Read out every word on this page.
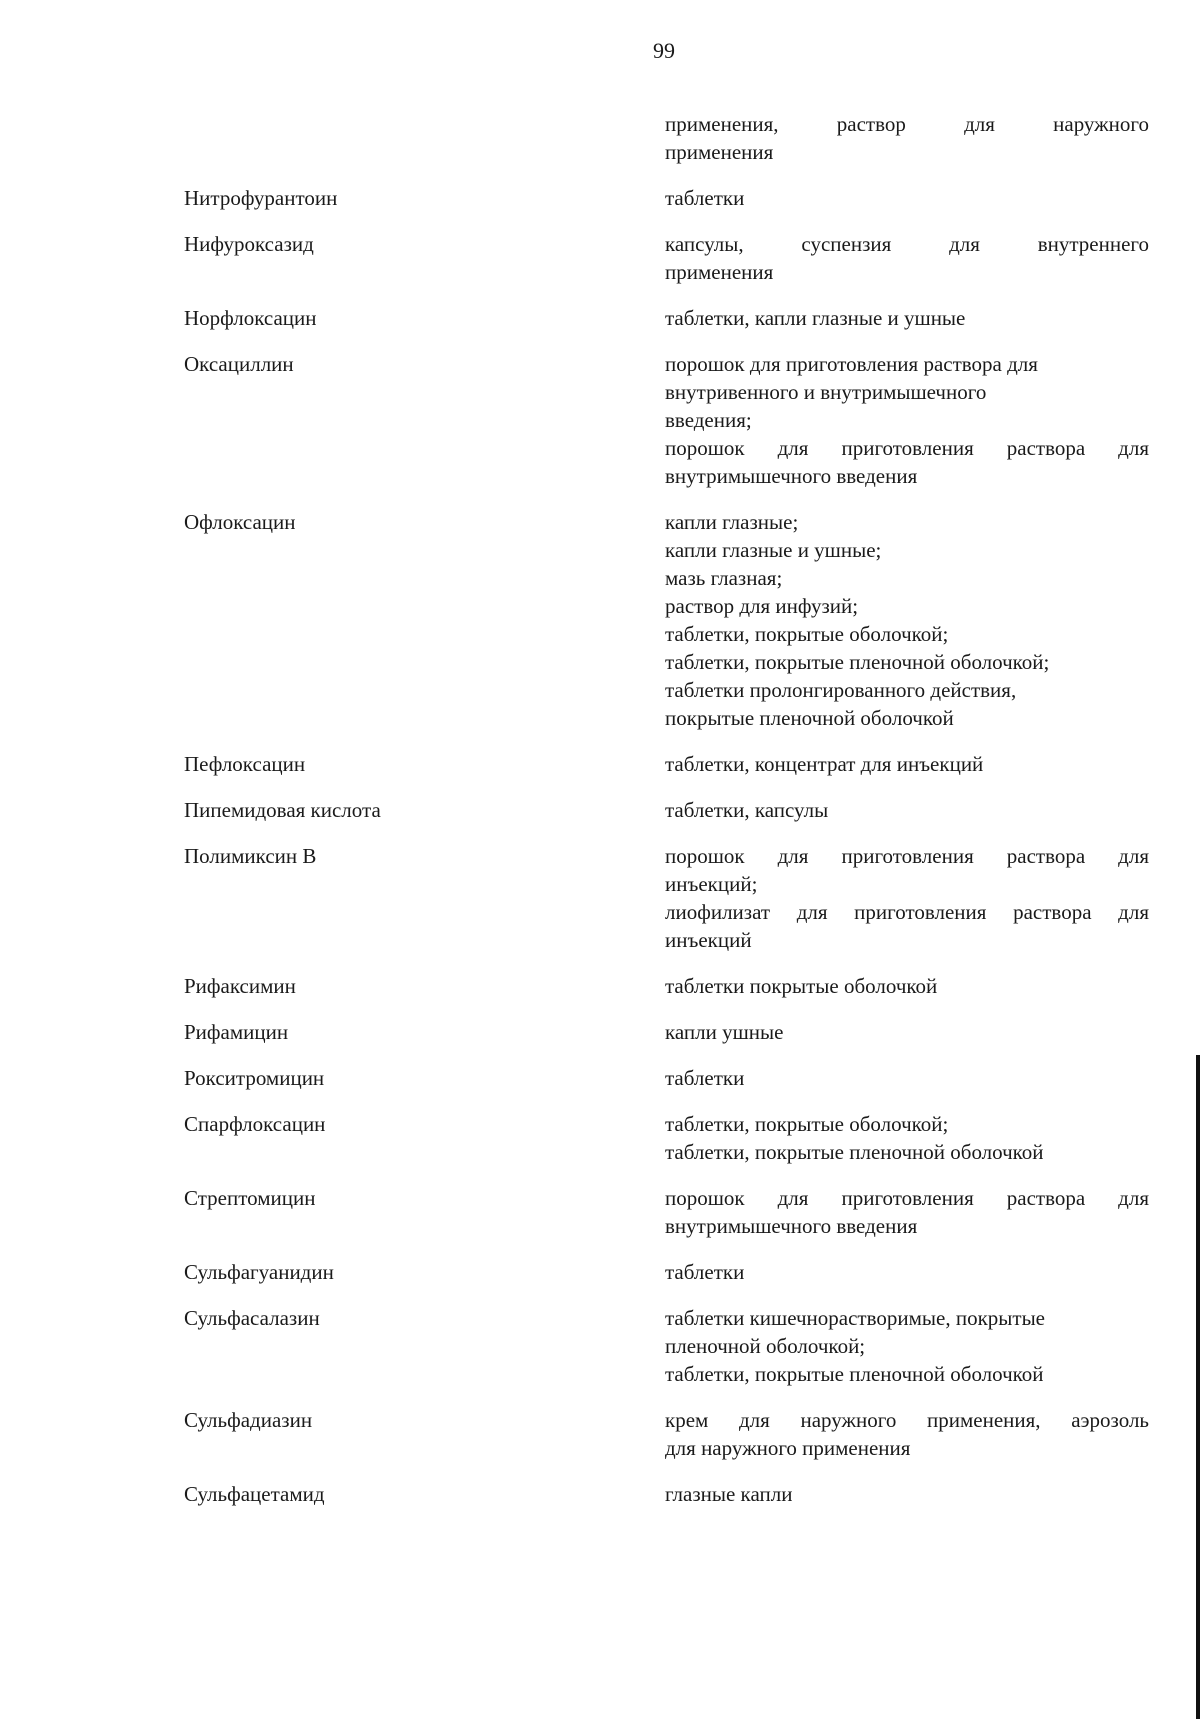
99
применения, раствор для наружного
применения
Нитрофурантоин	таблетки
Нифуроксазид	капсулы, суспензия для внутреннего
применения
Норфлоксацин	таблетки, капли глазные и ушные
Оксациллин	порошок для приготовления раствора для
внутривенного и внутримышечного
введения;
порошок для приготовления раствора для
внутримышечного введения
Офлоксацин	капли глазные;
капли глазные и ушные;
мазь глазная;
раствор для инфузий;
таблетки, покрытые оболочкой;
таблетки, покрытые пленочной оболочкой;
таблетки пролонгированного действия,
покрытые пленочной оболочкой
Пефлоксацин	таблетки, концентрат для инъекций
Пипемидовая кислота	таблетки, капсулы
Полимиксин В	порошок для приготовления раствора для
инъекций;
лиофилизат для приготовления раствора для
инъекций
Рифаксимин	таблетки покрытые оболочкой
Рифамицин	капли ушные
Рокситромицин	таблетки
Спарфлоксацин	таблетки, покрытые оболочкой;
таблетки, покрытые пленочной оболочкой
Стрептомицин	порошок для приготовления раствора для
внутримышечного введения
Сульфагуанидин	таблетки
Сульфасалазин	таблетки кишечнорастворимые, покрытые
пленочной оболочкой;
таблетки, покрытые пленочной оболочкой
Сульфадиазин	крем для наружного применения, аэрозоль
для наружного применения
Сульфацетамид	глазные капли
